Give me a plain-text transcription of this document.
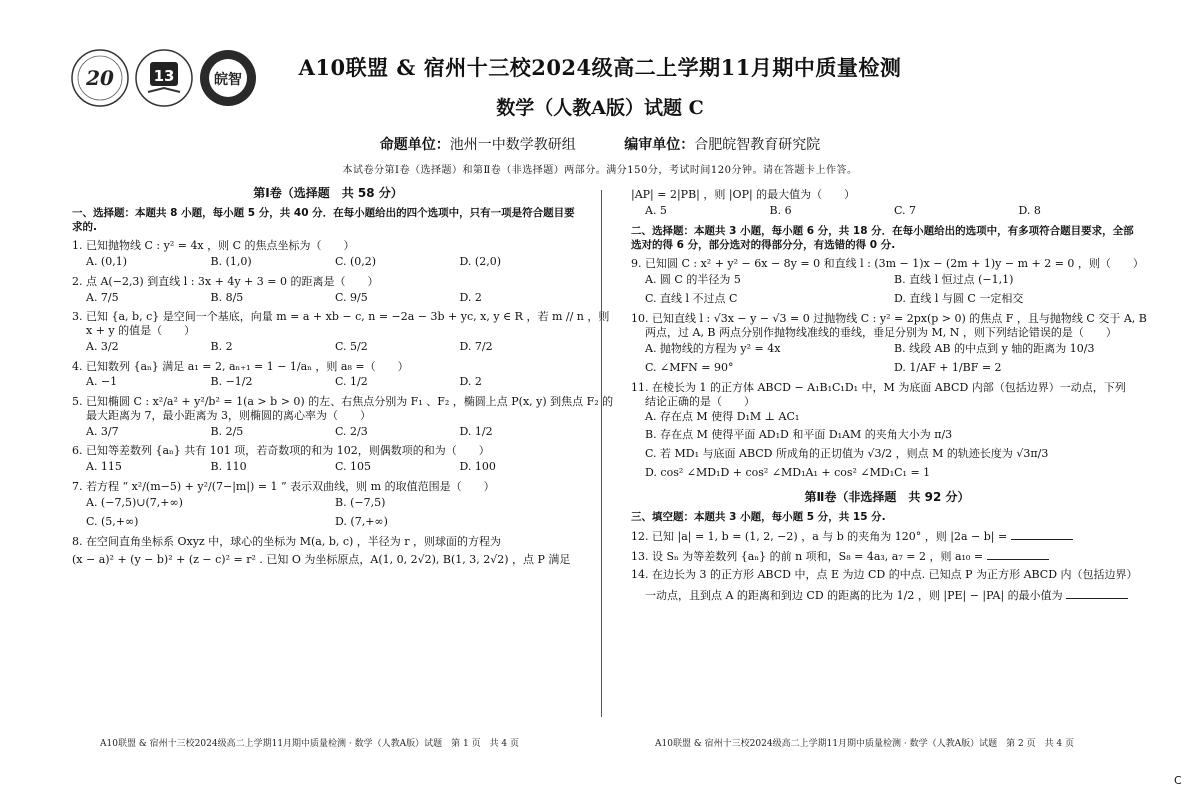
20	13	皖智	A10联盟 & 宿州十三校2024级高二上学期11月期中质量检测
数学（人教A版）试题 C
命题单位：池州一中数学教研组	编审单位：合肥皖智教育研究院
本试卷分第Ⅰ卷（选择题）和第Ⅱ卷（非选择题）两部分。满分150分，考试时间120分钟。请在答题卡上作答。
第Ⅰ卷（选择题　共 58 分）
一、选择题：本题共 8 小题，每小题 5 分，共 40 分．在每小题给出的四个选项中，只有一项是符合题目要求的.
1. 已知抛物线 C : y² = 4x ，则 C 的焦点坐标为（　　）
A. (0,1)	B. (1,0)	C. (0,2)	D. (2,0)
2. 点 A(−2,3) 到直线 l : 3x + 4y + 3 = 0 的距离是（　　）
A. 7/5	B. 8/5	C. 9/5	D. 2
3. 已知 {a, b, c} 是空间一个基底，向量 m = a + xb − c, n = −2a − 3b + yc, x, y ∈ R ，若 m // n ，则
x + y 的值是（　　）
A. 3/2	B. 2	C. 5/2	D. 7/2
4. 已知数列 {aₙ} 满足 a₁ = 2, aₙ₊₁ = 1 − 1/aₙ ，则 a₈ =（　　）
A. −1	B. −1/2	C. 1/2	D. 2
5. 已知椭圆 C : x²/a² + y²/b² = 1(a > b > 0) 的左、右焦点分别为 F₁ 、F₂ ，椭圆上点 P(x, y) 到焦点 F₂ 的
最大距离为 7，最小距离为 3，则椭圆的离心率为（　　）
A. 3/7	B. 2/5	C. 2/3	D. 1/2
6. 已知等差数列 {aₙ} 共有 101 项，若奇数项的和为 102，则偶数项的和为（　　）
A. 115	B. 110	C. 105	D. 100
7. 若方程 “ x²/(m−5) + y²/(7−|m|) = 1 ” 表示双曲线，则 m 的取值范围是（　　）
A. (−7,5)∪(7,+∞)	B. (−7,5)
C. (5,+∞)	D. (7,+∞)
8. 在空间直角坐标系 Oxyz 中，球心的坐标为 M(a, b, c) ，半径为 r ，则球面的方程为
(x − a)² + (y − b)² + (z − c)² = r² . 已知 O 为坐标原点，A(1, 0, 2√2), B(1, 3, 2√2) ，点 P 满足
|AP| = 2|PB| ，则 |OP| 的最大值为（　　）
A. 5	B. 6	C. 7	D. 8
二、选择题：本题共 3 小题，每小题 6 分，共 18 分．在每小题给出的选项中，有多项符合题目要求，全部选对的得 6 分，部分选对的得部分分，有选错的得 0 分.
9. 已知圆 C : x² + y² − 6x − 8y = 0 和直线 l : (3m − 1)x − (2m + 1)y − m + 2 = 0 ，则（　　）
A. 圆 C 的半径为 5	B. 直线 l 恒过点 (−1,1)
C. 直线 l 不过点 C	D. 直线 l 与圆 C 一定相交
10. 已知直线 l : √3x − y − √3 = 0 过抛物线 C : y² = 2px(p > 0) 的焦点 F ，且与抛物线 C 交于 A, B
两点，过 A, B 两点分别作抛物线准线的垂线，垂足分别为 M, N ，则下列结论错误的是（　　）
A. 抛物线的方程为 y² = 4x	B. 线段 AB 的中点到 y 轴的距离为 10/3
C. ∠MFN = 90°	D. 1/AF + 1/BF = 2
11. 在棱长为 1 的正方体 ABCD − A₁B₁C₁D₁ 中，M 为底面 ABCD 内部（包括边界）一动点，下列
结论正确的是（　　）
A. 存在点 M 使得 D₁M ⊥ AC₁
B. 存在点 M 使得平面 AD₁D 和平面 D₁AM 的夹角大小为 π/3
C. 若 MD₁ 与底面 ABCD 所成角的正切值为 √3/2 ，则点 M 的轨迹长度为 √3π/3
D. cos² ∠MD₁D + cos² ∠MD₁A₁ + cos² ∠MD₁C₁ = 1
第Ⅱ卷（非选择题　共 92 分）
三、填空题：本题共 3 小题，每小题 5 分，共 15 分.
12. 已知 |a| = 1, b = (1, 2, −2) ，a 与 b 的夹角为 120° ，则 |2a − b| =
13. 设 Sₙ 为等差数列 {aₙ} 的前 n 项和，S₈ = 4a₃, a₇ = 2 ，则 a₁₀ =
14. 在边长为 3 的正方形 ABCD 中，点 E 为边 CD 的中点. 已知点 P 为正方形 ABCD 内（包括边界）
一动点，且到点 A 的距离和到边 CD 的距离的比为 1/2 ，则 |PE| − |PA| 的最小值为
A10联盟 & 宿州十三校2024级高二上学期11月期中质量检测 · 数学（人教A版）试题　第 1 页　共 4 页	A10联盟 & 宿州十三校2024级高二上学期11月期中质量检测 · 数学（人教A版）试题　第 2 页　共 4 页
C
